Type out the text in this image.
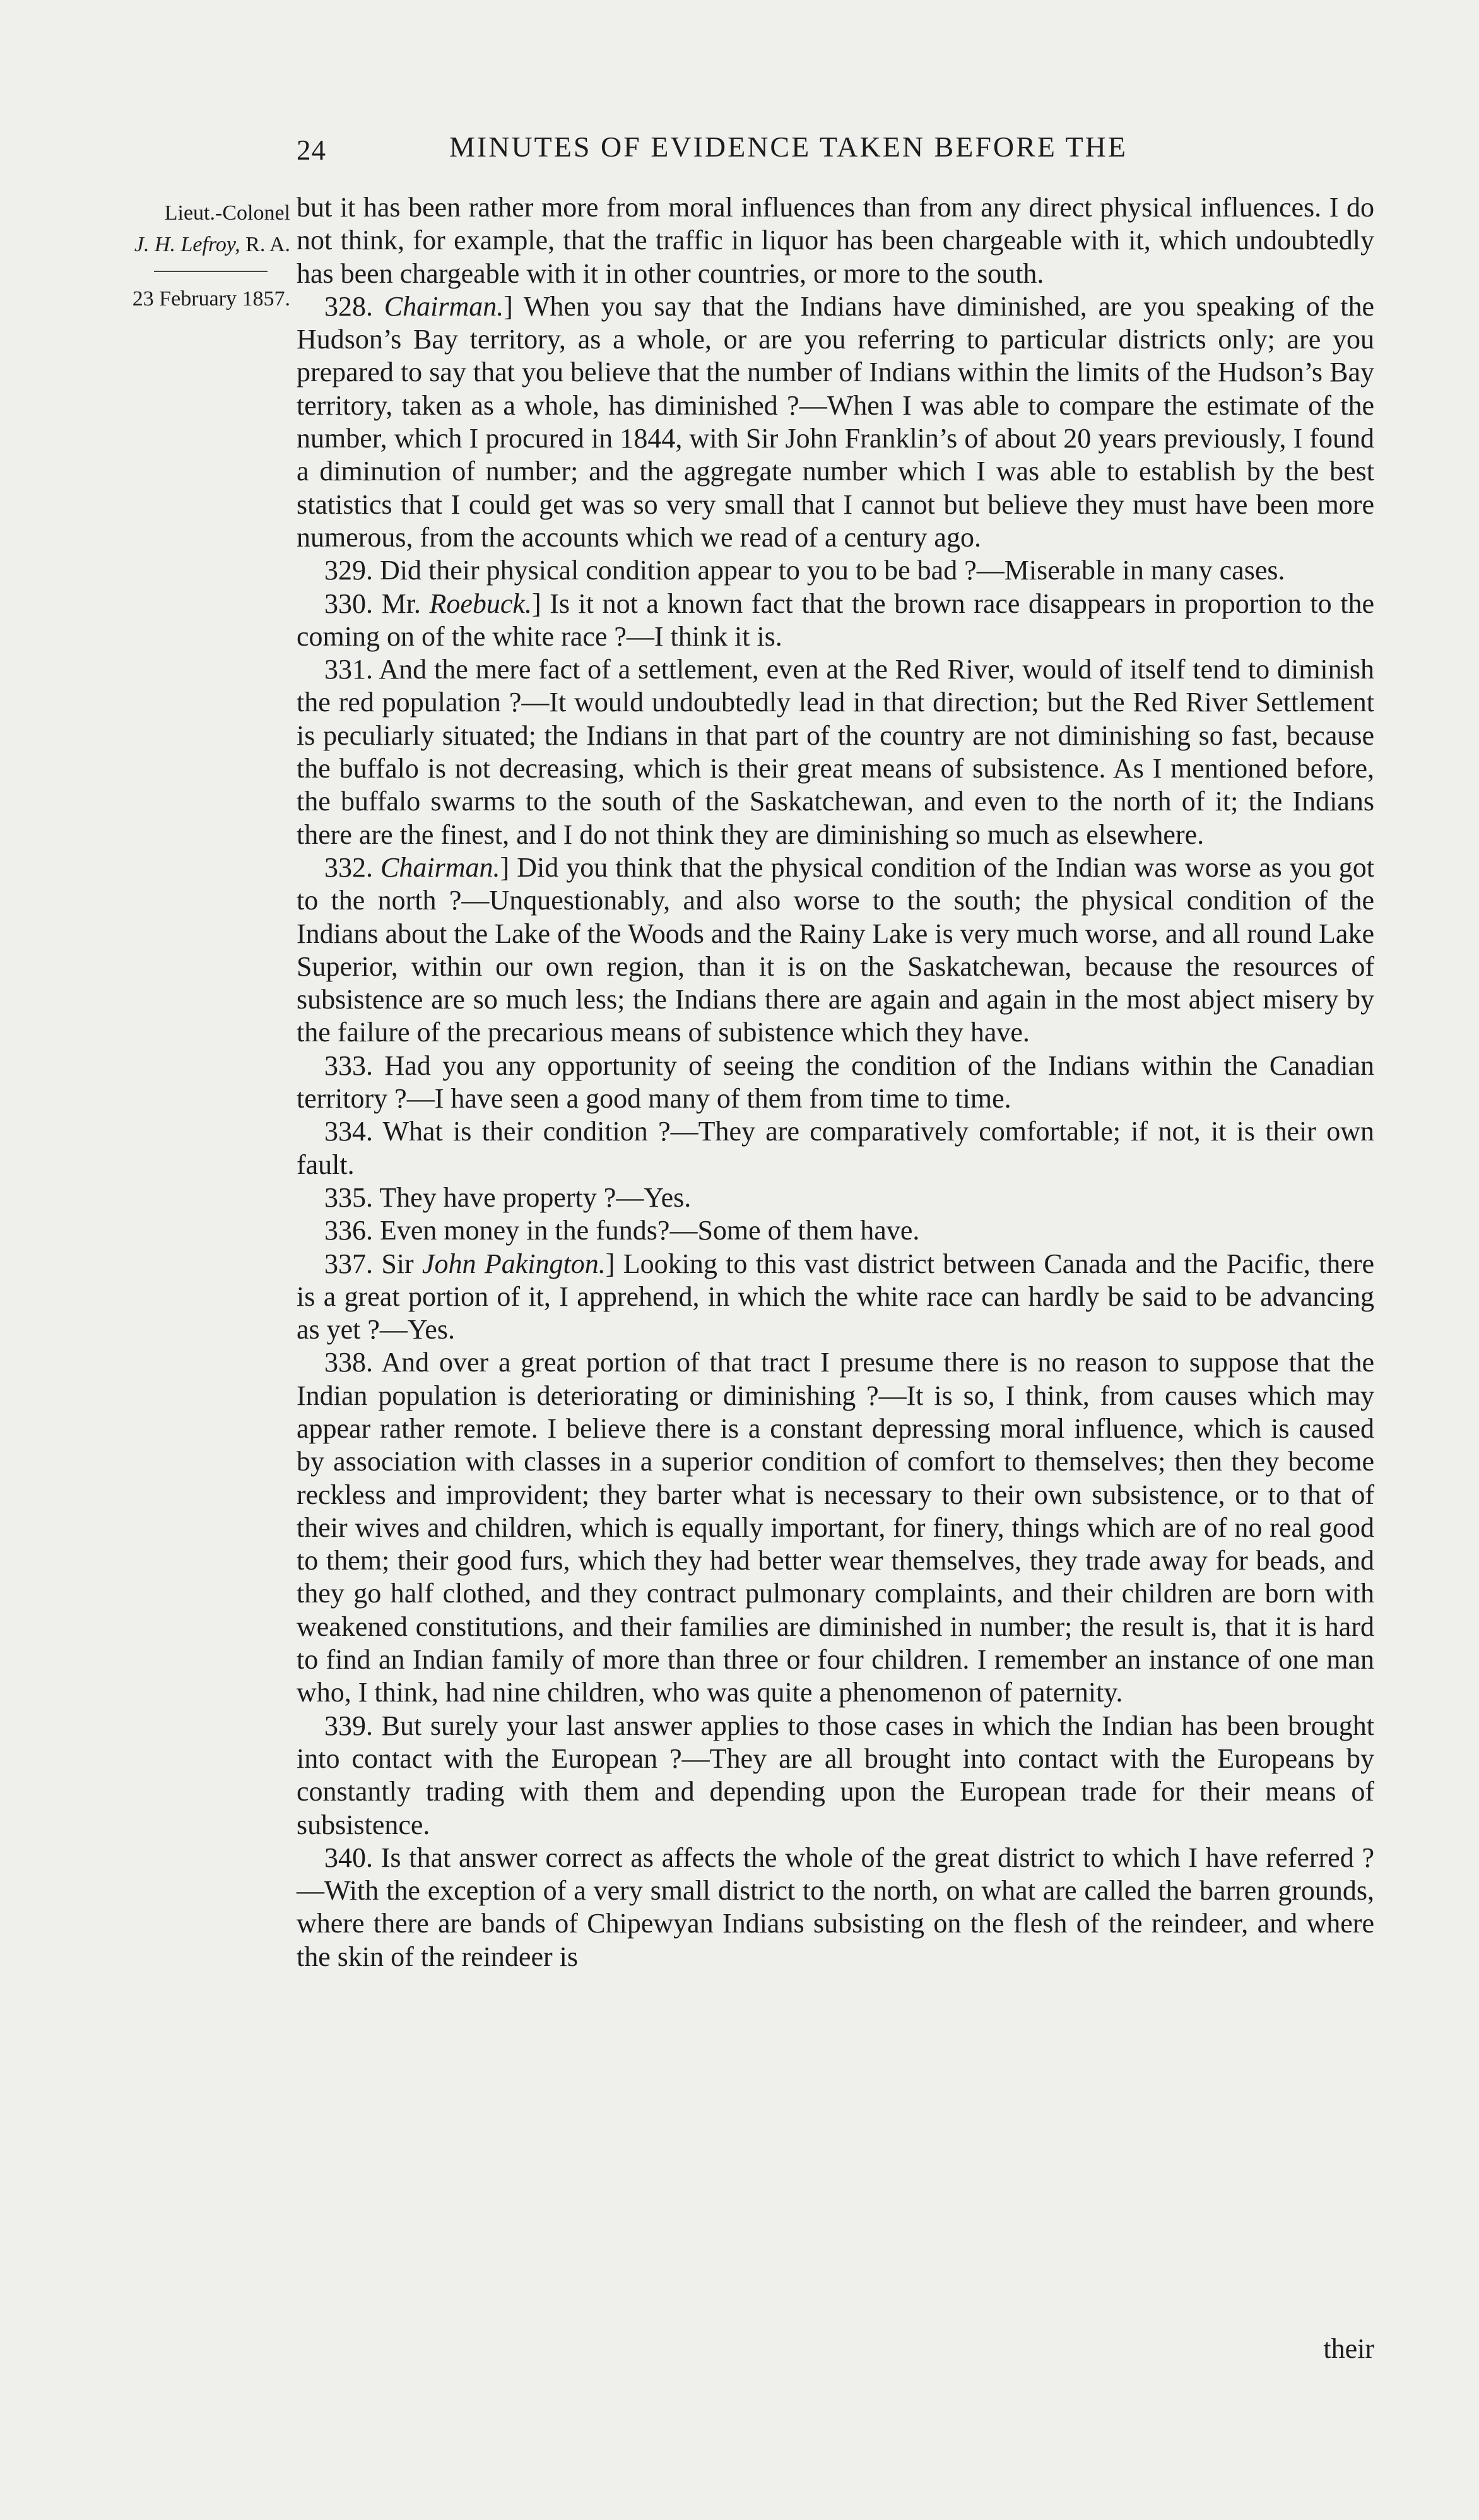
24	MINUTES OF EVIDENCE TAKEN BEFORE THE
Lieut.-Colonel
J. H. Lefroy, R. A.
23 February 1857.

but it has been rather more from moral influences than from any direct physical influences. I do not think, for example, that the traffic in liquor has been chargeable with it, which undoubtedly has been chargeable with it in other countries, or more to the south.

328. Chairman.] When you say that the Indians have diminished, are you speaking of the Hudson’s Bay territory, as a whole, or are you referring to particular districts only; are you prepared to say that you believe that the number of Indians within the limits of the Hudson’s Bay territory, taken as a whole, has diminished ?—When I was able to compare the estimate of the number, which I procured in 1844, with Sir John Franklin’s of about 20 years previously, I found a diminution of number; and the aggregate number which I was able to establish by the best statistics that I could get was so very small that I cannot but believe they must have been more numerous, from the accounts which we read of a century ago.

329. Did their physical condition appear to you to be bad ?—Miserable in many cases.

330. Mr. Roebuck.] Is it not a known fact that the brown race disappears in proportion to the coming on of the white race ?—I think it is.

331. And the mere fact of a settlement, even at the Red River, would of itself tend to diminish the red population ?—It would undoubtedly lead in that direction; but the Red River Settlement is peculiarly situated; the Indians in that part of the country are not diminishing so fast, because the buffalo is not decreasing, which is their great means of subsistence. As I mentioned before, the buffalo swarms to the south of the Saskatchewan, and even to the north of it; the Indians there are the finest, and I do not think they are diminishing so much as elsewhere.

332. Chairman.] Did you think that the physical condition of the Indian was worse as you got to the north ?—Unquestionably, and also worse to the south; the physical condition of the Indians about the Lake of the Woods and the Rainy Lake is very much worse, and all round Lake Superior, within our own region, than it is on the Saskatchewan, because the resources of subsistence are so much less; the Indians there are again and again in the most abject misery by the failure of the precarious means of subistence which they have.

333. Had you any opportunity of seeing the condition of the Indians within the Canadian territory ?—I have seen a good many of them from time to time.

334. What is their condition ?—They are comparatively comfortable; if not, it is their own fault.

335. They have property ?—Yes.

336. Even money in the funds?—Some of them have.

337. Sir John Pakington.] Looking to this vast district between Canada and the Pacific, there is a great portion of it, I apprehend, in which the white race can hardly be said to be advancing as yet ?—Yes.

338. And over a great portion of that tract I presume there is no reason to suppose that the Indian population is deteriorating or diminishing ?—It is so, I think, from causes which may appear rather remote. I believe there is a constant depressing moral influence, which is caused by association with classes in a superior condition of comfort to themselves; then they become reckless and improvident; they barter what is necessary to their own subsistence, or to that of their wives and children, which is equally important, for finery, things which are of no real good to them; their good furs, which they had better wear themselves, they trade away for beads, and they go half clothed, and they contract pulmonary complaints, and their children are born with weakened constitutions, and their families are diminished in number; the result is, that it is hard to find an Indian family of more than three or four children. I remember an instance of one man who, I think, had nine children, who was quite a phenomenon of paternity.

339. But surely your last answer applies to those cases in which the Indian has been brought into contact with the European ?—They are all brought into contact with the Europeans by constantly trading with them and depending upon the European trade for their means of subsistence.

340. Is that answer correct as affects the whole of the great district to which I have referred ?—With the exception of a very small district to the north, on what are called the barren grounds, where there are bands of Chipewyan Indians subsisting on the flesh of the reindeer, and where the skin of the reindeer is

their
